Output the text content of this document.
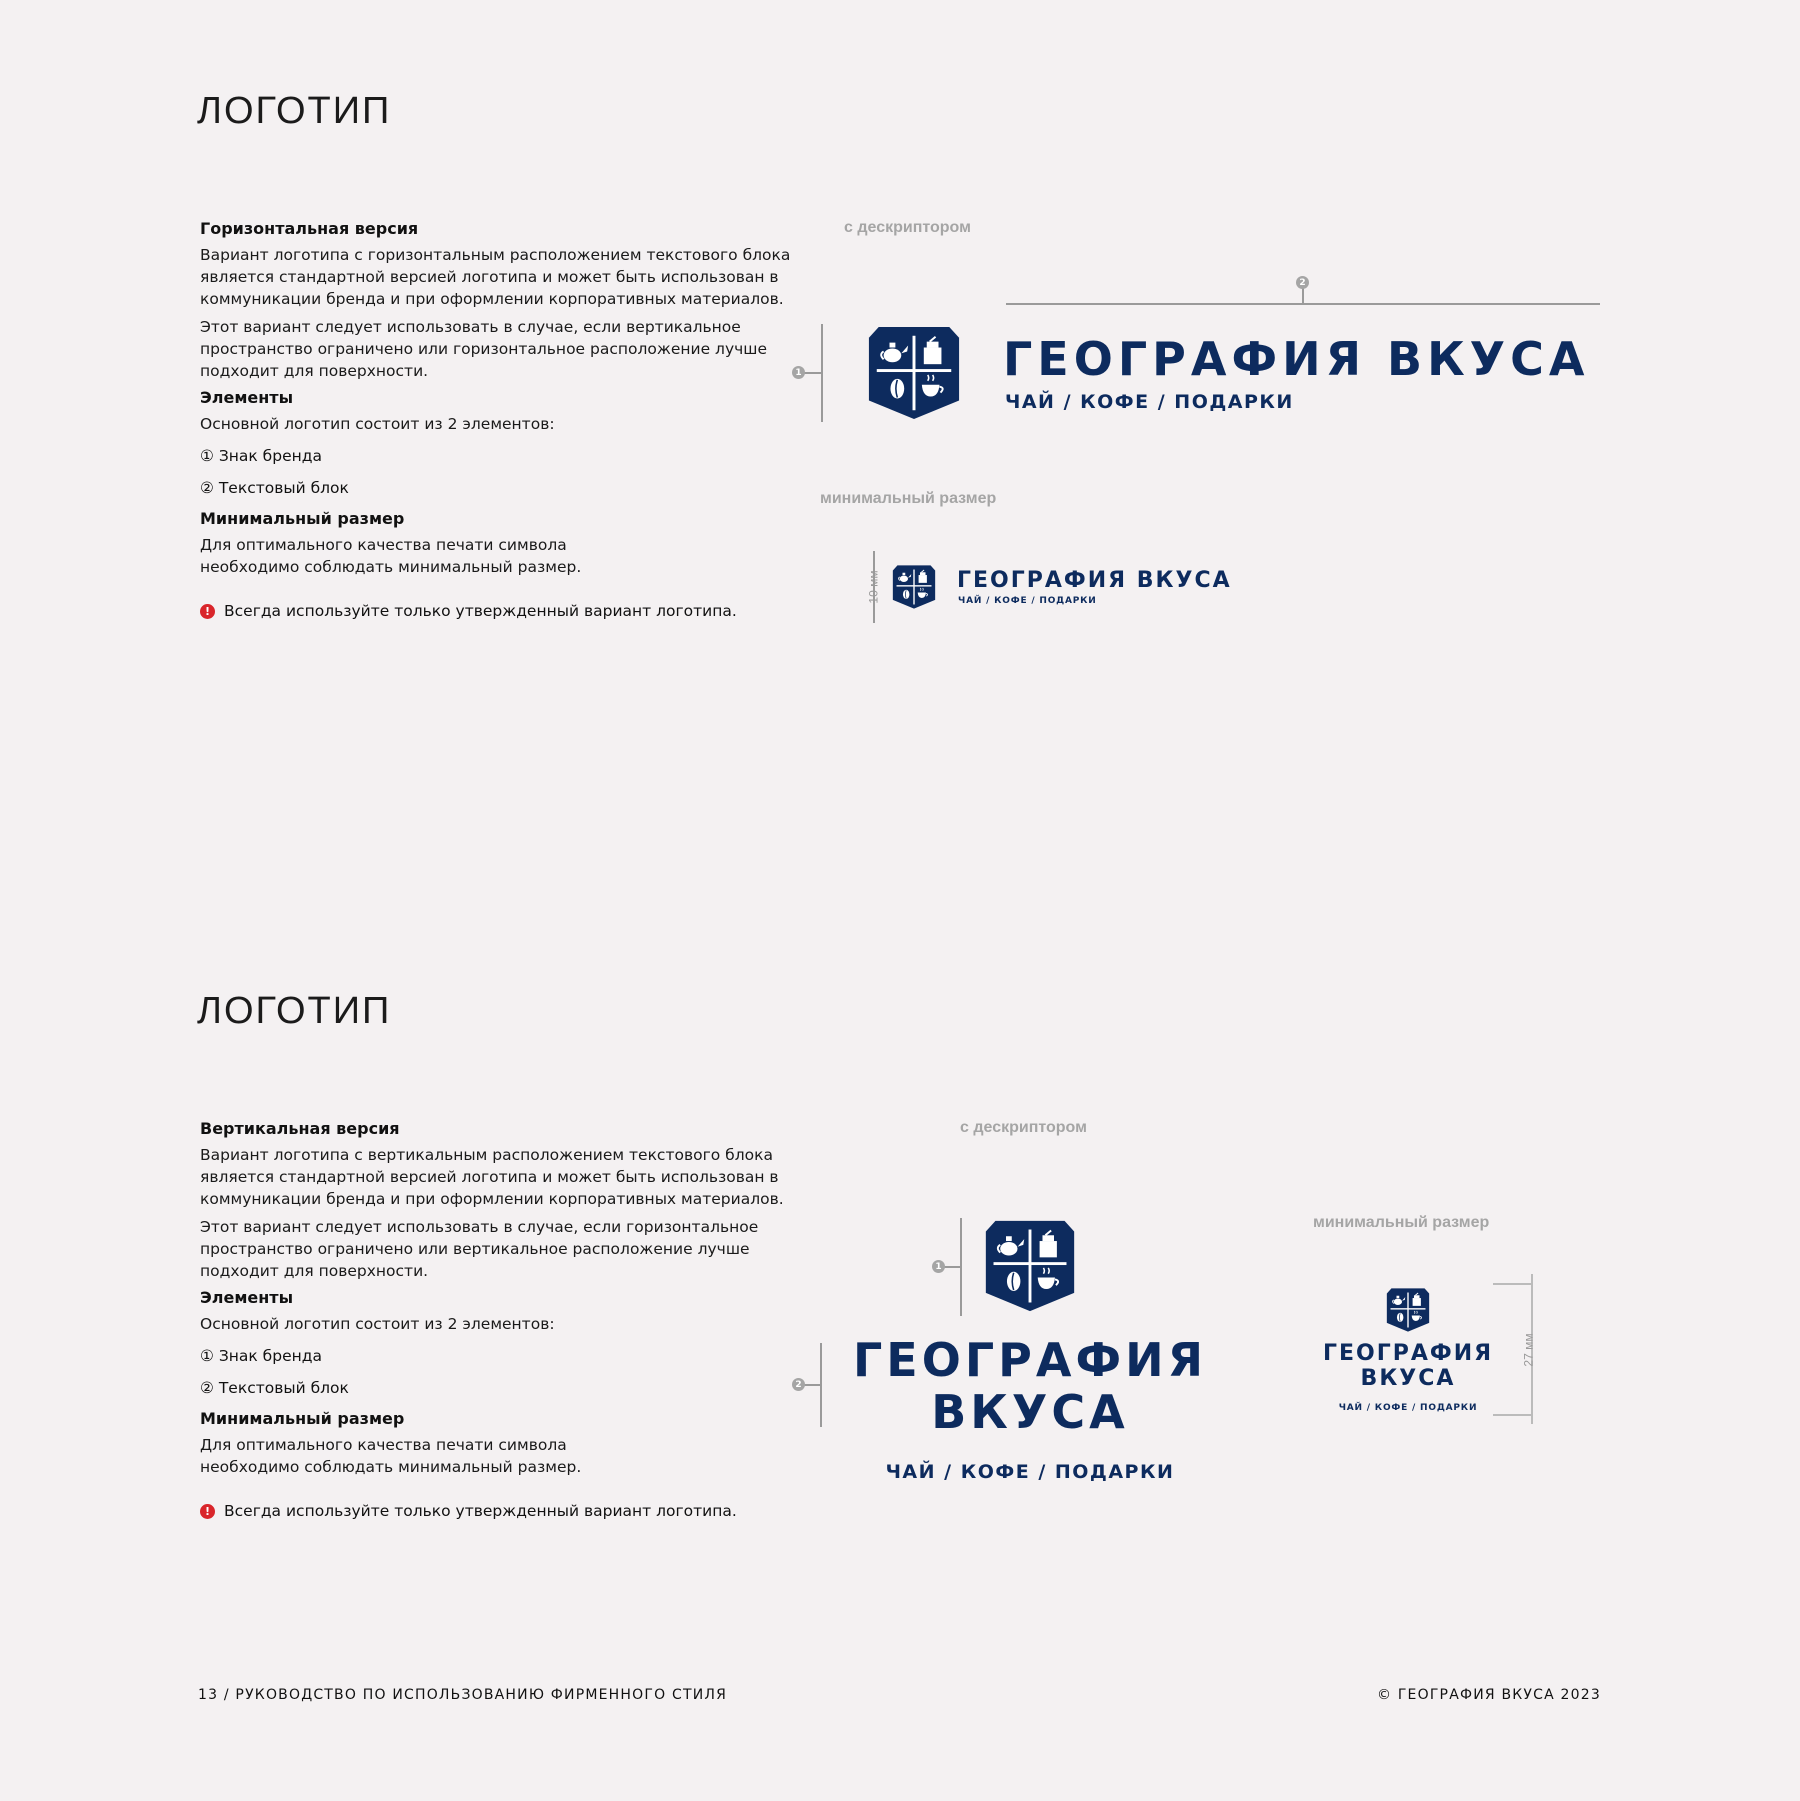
ЛОГОТИП

Горизонтальная версия

Вариант логотипа с горизонтальным расположением текстового блока является стандартной версией логотипа и может быть использован в коммуникации бренда и при оформлении корпоративных материалов.

Этот вариант следует использовать в случае, если вертикальное пространство ограничено или горизонтальное расположение лучше подходит для поверхности.

Элементы

Основной логотип состоит из 2 элементов:

① Знак бренда

② Текстовый блок

Минимальный размер

Для оптимального качества печати символа необходимо соблюдать минимальный размер.

! Всегда используйте только утвержденный вариант логотипа.
с дескриптором
2
1	ГЕОГРАФИЯ ВКУСА
ЧАЙ / КОФЕ / ПОДАРКИ
минимальный размер
10 мм	ГЕОГРАФИЯ ВКУСА
ЧАЙ / КОФЕ / ПОДАРКИ
ЛОГОТИП

Вертикальная версия

Вариант логотипа с вертикальным расположением текстового блока является стандартной версией логотипа и может быть использован в коммуникации бренда и при оформлении корпоративных материалов.

Этот вариант следует использовать в случае, если горизонтальное пространство ограничено или вертикальное расположение лучше подходит для поверхности.

Элементы

Основной логотип состоит из 2 элементов:

① Знак бренда

② Текстовый блок

Минимальный размер

Для оптимального качества печати символа необходимо соблюдать минимальный размер.

! Всегда используйте только утвержденный вариант логотипа.
с дескриптором
1
2	ГЕОГРАФИЯ
ВКУСА
ЧАЙ / КОФЕ / ПОДАРКИ
минимальный размер
ГЕОГРАФИЯ
ВКУСА
ЧАЙ / КОФЕ / ПОДАРКИ
27 мм
13 / РУКОВОДСТВО ПО ИСПОЛЬЗОВАНИЮ ФИРМЕННОГО СТИЛЯ	© ГЕОГРАФИЯ ВКУСА 2023
